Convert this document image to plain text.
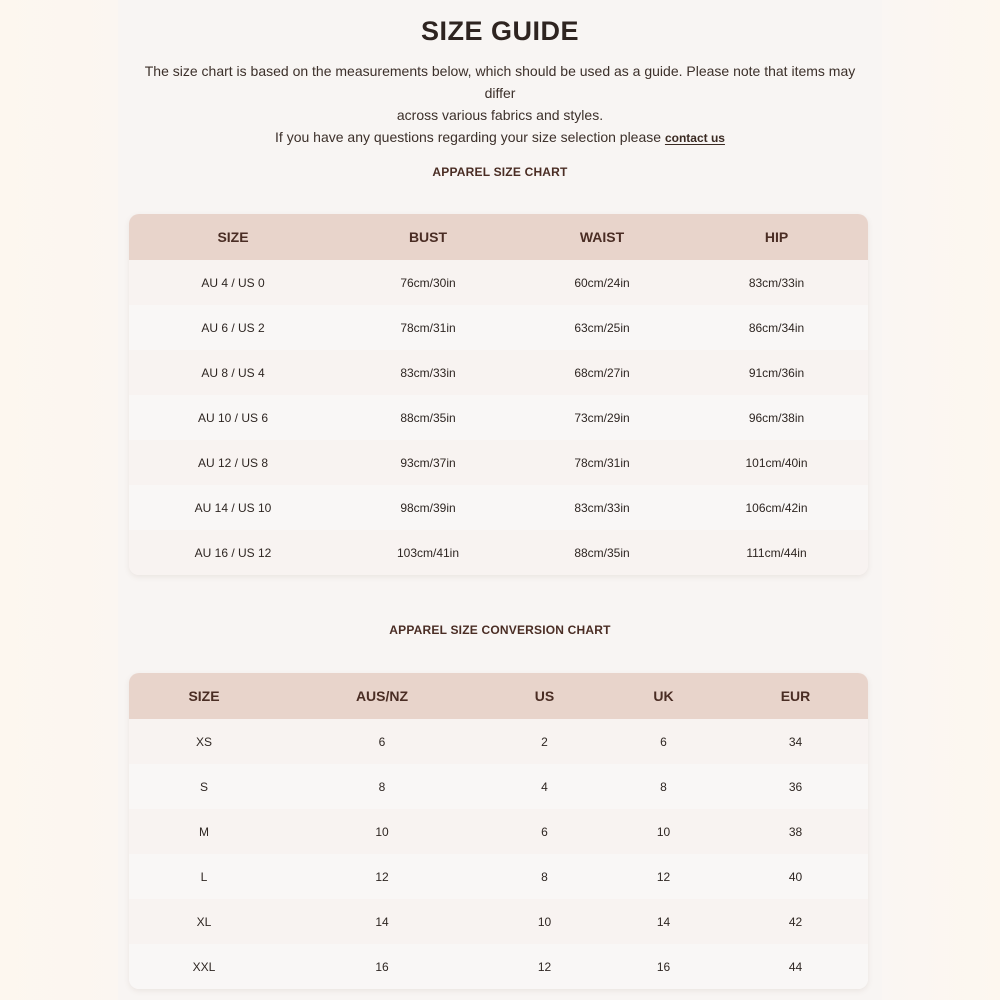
SIZE GUIDE
The size chart is based on the measurements below, which should be used as a guide. Please note that items may differ
across various fabrics and styles.
If you have any questions regarding your size selection please contact us
APPAREL SIZE CHART
SIZE	BUST	WAIST	HIP
AU 4 / US 0	76cm/30in	60cm/24in	83cm/33in
AU 6 / US 2	78cm/31in	63cm/25in	86cm/34in
AU 8 / US 4	83cm/33in	68cm/27in	91cm/36in
AU 10 / US 6	88cm/35in	73cm/29in	96cm/38in
AU 12 / US 8	93cm/37in	78cm/31in	101cm/40in
AU 14 / US 10	98cm/39in	83cm/33in	106cm/42in
AU 16 / US 12	103cm/41in	88cm/35in	111cm/44in
APPAREL SIZE CONVERSION CHART
SIZE	AUS/NZ	US	UK	EUR
XS	6	2	6	34
S	8	4	8	36
M	10	6	10	38
L	12	8	12	40
XL	14	10	14	42
XXL	16	12	16	44
